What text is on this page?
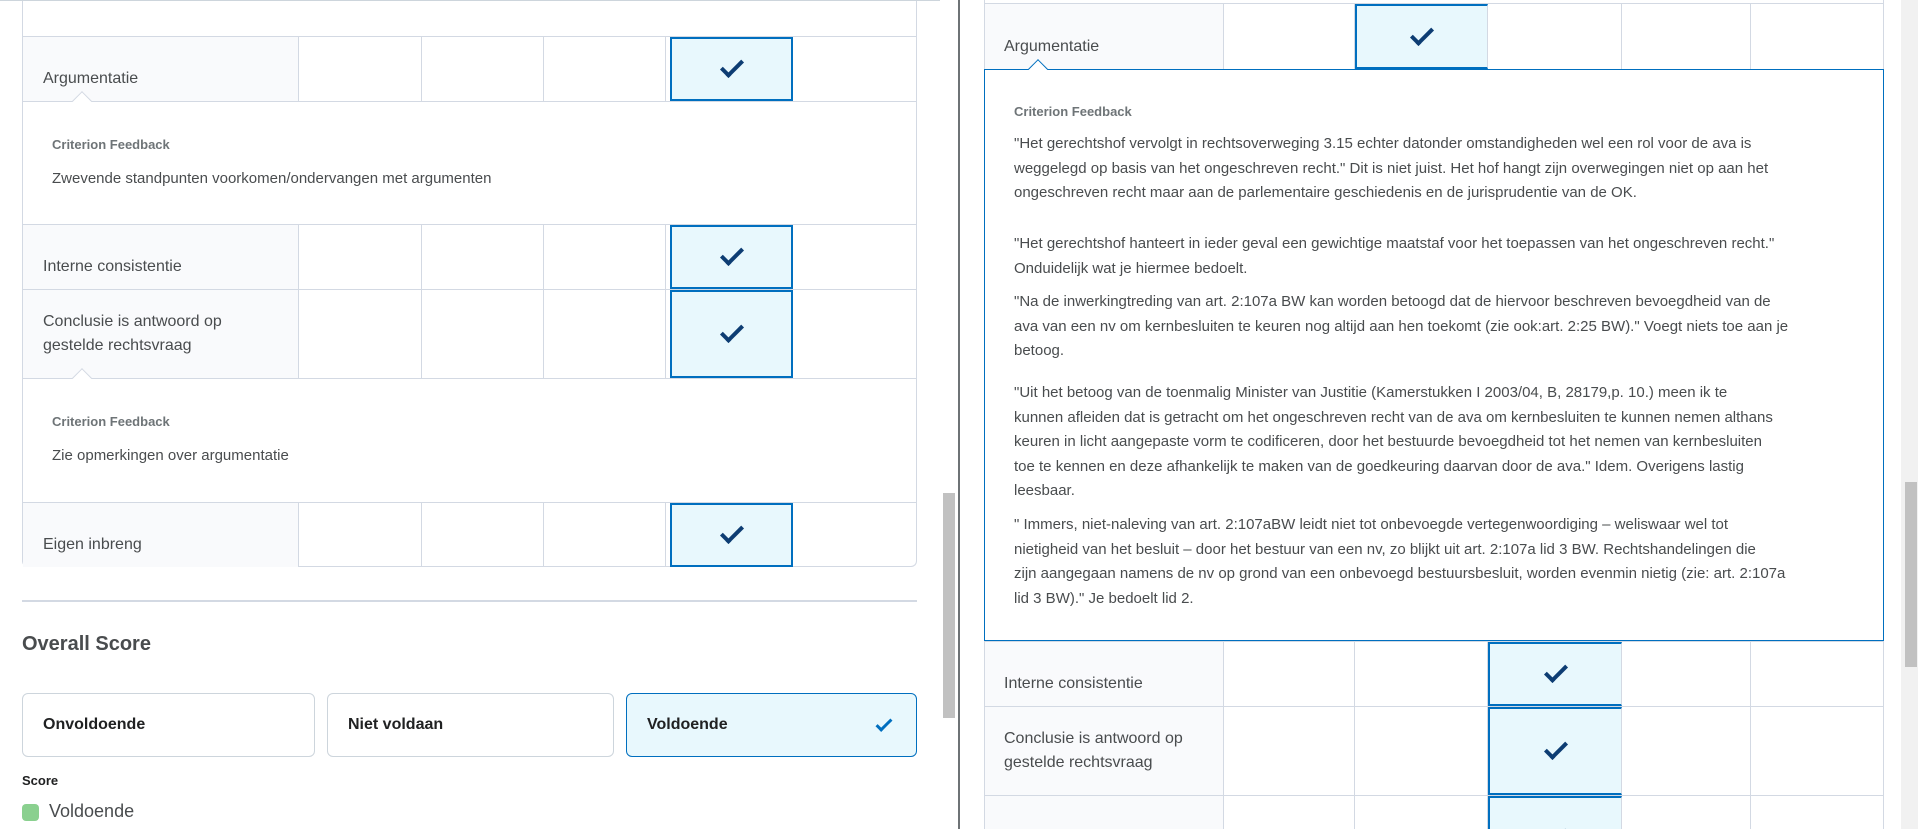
Argumentatie
Criterion Feedback
Zwevende standpunten voorkomen/ondervangen met argumenten
Interne consistentie
Conclusie is antwoord op
gestelde rechtsvraag
Criterion Feedback
Zie opmerkingen over argumentatie
Eigen inbreng
Overall Score
Onvoldoende	Niet voldaan	Voldoende
Score
Voldoende
Argumentatie
Interne consistentie
Conclusie is antwoord op
gestelde rechtsvraag
Criterion Feedback
"Het gerechtshof vervolgt in rechtsoverweging 3.15 echter datonder omstandigheden wel een rol voor de ava is
weggelegd op basis van het ongeschreven recht." Dit is niet juist. Het hof hangt zijn overwegingen niet op aan het
ongeschreven recht maar aan de parlementaire geschiedenis en de jurisprudentie van de OK.
"Het gerechtshof hanteert in ieder geval een gewichtige maatstaf voor het toepassen van het ongeschreven recht."
Onduidelijk wat je hiermee bedoelt.
"Na de inwerkingtreding van art. 2:107a BW kan worden betoogd dat de hiervoor beschreven bevoegdheid van de
ava van een nv om kernbesluiten te keuren nog altijd aan hen toekomt (zie ook:art. 2:25 BW)." Voegt niets toe aan je
betoog.
"Uit het betoog van de toenmalig Minister van Justitie (Kamerstukken I 2003/04, B, 28179,p. 10.) meen ik te
kunnen afleiden dat is getracht om het ongeschreven recht van de ava om kernbesluiten te kunnen nemen althans
keuren in licht aangepaste vorm te codificeren, door het bestuurde bevoegdheid tot het nemen van kernbesluiten
toe te kennen en deze afhankelijk te maken van de goedkeuring daarvan door de ava." Idem. Overigens lastig
leesbaar.
" Immers, niet-naleving van art. 2:107aBW leidt niet tot onbevoegde vertegenwoordiging – weliswaar wel tot
nietigheid van het besluit – door het bestuur van een nv, zo blijkt uit art. 2:107a lid 3 BW. Rechtshandelingen die
zijn aangegaan namens de nv op grond van een onbevoegd bestuursbesluit, worden evenmin nietig (zie: art. 2:107a
lid 3 BW)." Je bedoelt lid 2.
